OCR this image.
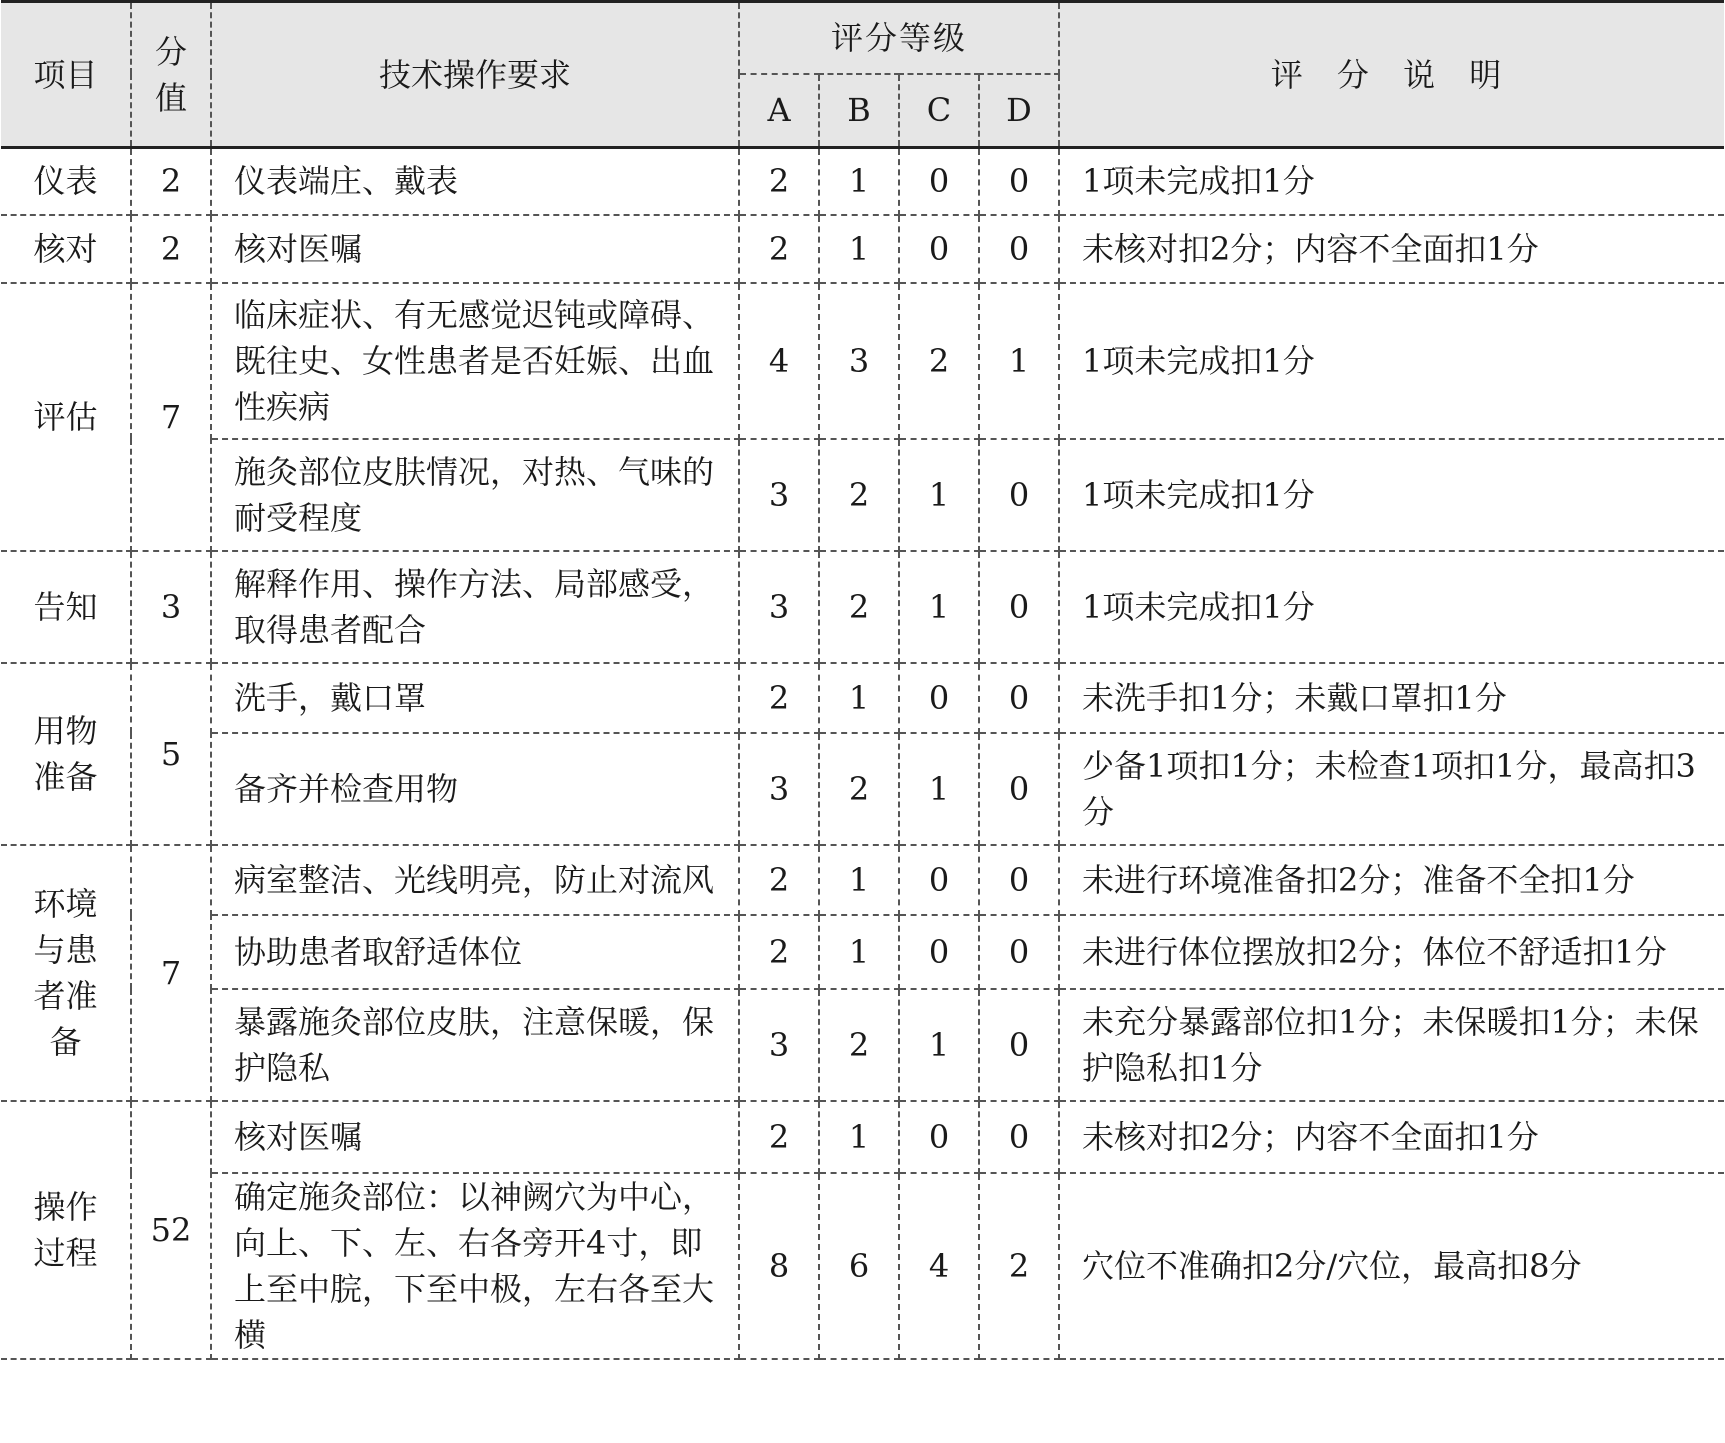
项目	分值	技术操作要求	评分等级				评 分 说 明
			A	B	C	D	
仪表	2	仪表端庄、戴表	2	1	0	0	1项未完成扣1分
核对	2	核对医嘱	2	1	0	0	未核对扣2分；内容不全面扣1分
评估	7	临床症状、有无感觉迟钝或障碍、既往史、女性患者是否妊娠、出血性疾病	4	3	2	1	1项未完成扣1分
		施灸部位皮肤情况，对热、气味的耐受程度	3	2	1	0	1项未完成扣1分
告知	3	解释作用、操作方法、局部感受，取得患者配合	3	2	1	0	1项未完成扣1分
用物准备	5	洗手，戴口罩	2	1	0	0	未洗手扣1分；未戴口罩扣1分
		备齐并检查用物	3	2	1	0	少备1项扣1分；未检查1项扣1分，最高扣3分
环境与患者准备	7	病室整洁、光线明亮，防止对流风	2	1	0	0	未进行环境准备扣2分；准备不全扣1分
		协助患者取舒适体位	2	1	0	0	未进行体位摆放扣2分；体位不舒适扣1分
		暴露施灸部位皮肤，注意保暖，保护隐私	3	2	1	0	未充分暴露部位扣1分；未保暖扣1分；未保护隐私扣1分
操作过程	52	核对医嘱	2	1	0	0	未核对扣2分；内容不全面扣1分
		确定施灸部位：以神阙穴为中心，向上、下、左、右各旁开4寸，即上至中脘，下至中极，左右各至大横	8	6	4	2	穴位不准确扣2分/穴位，最高扣8分
